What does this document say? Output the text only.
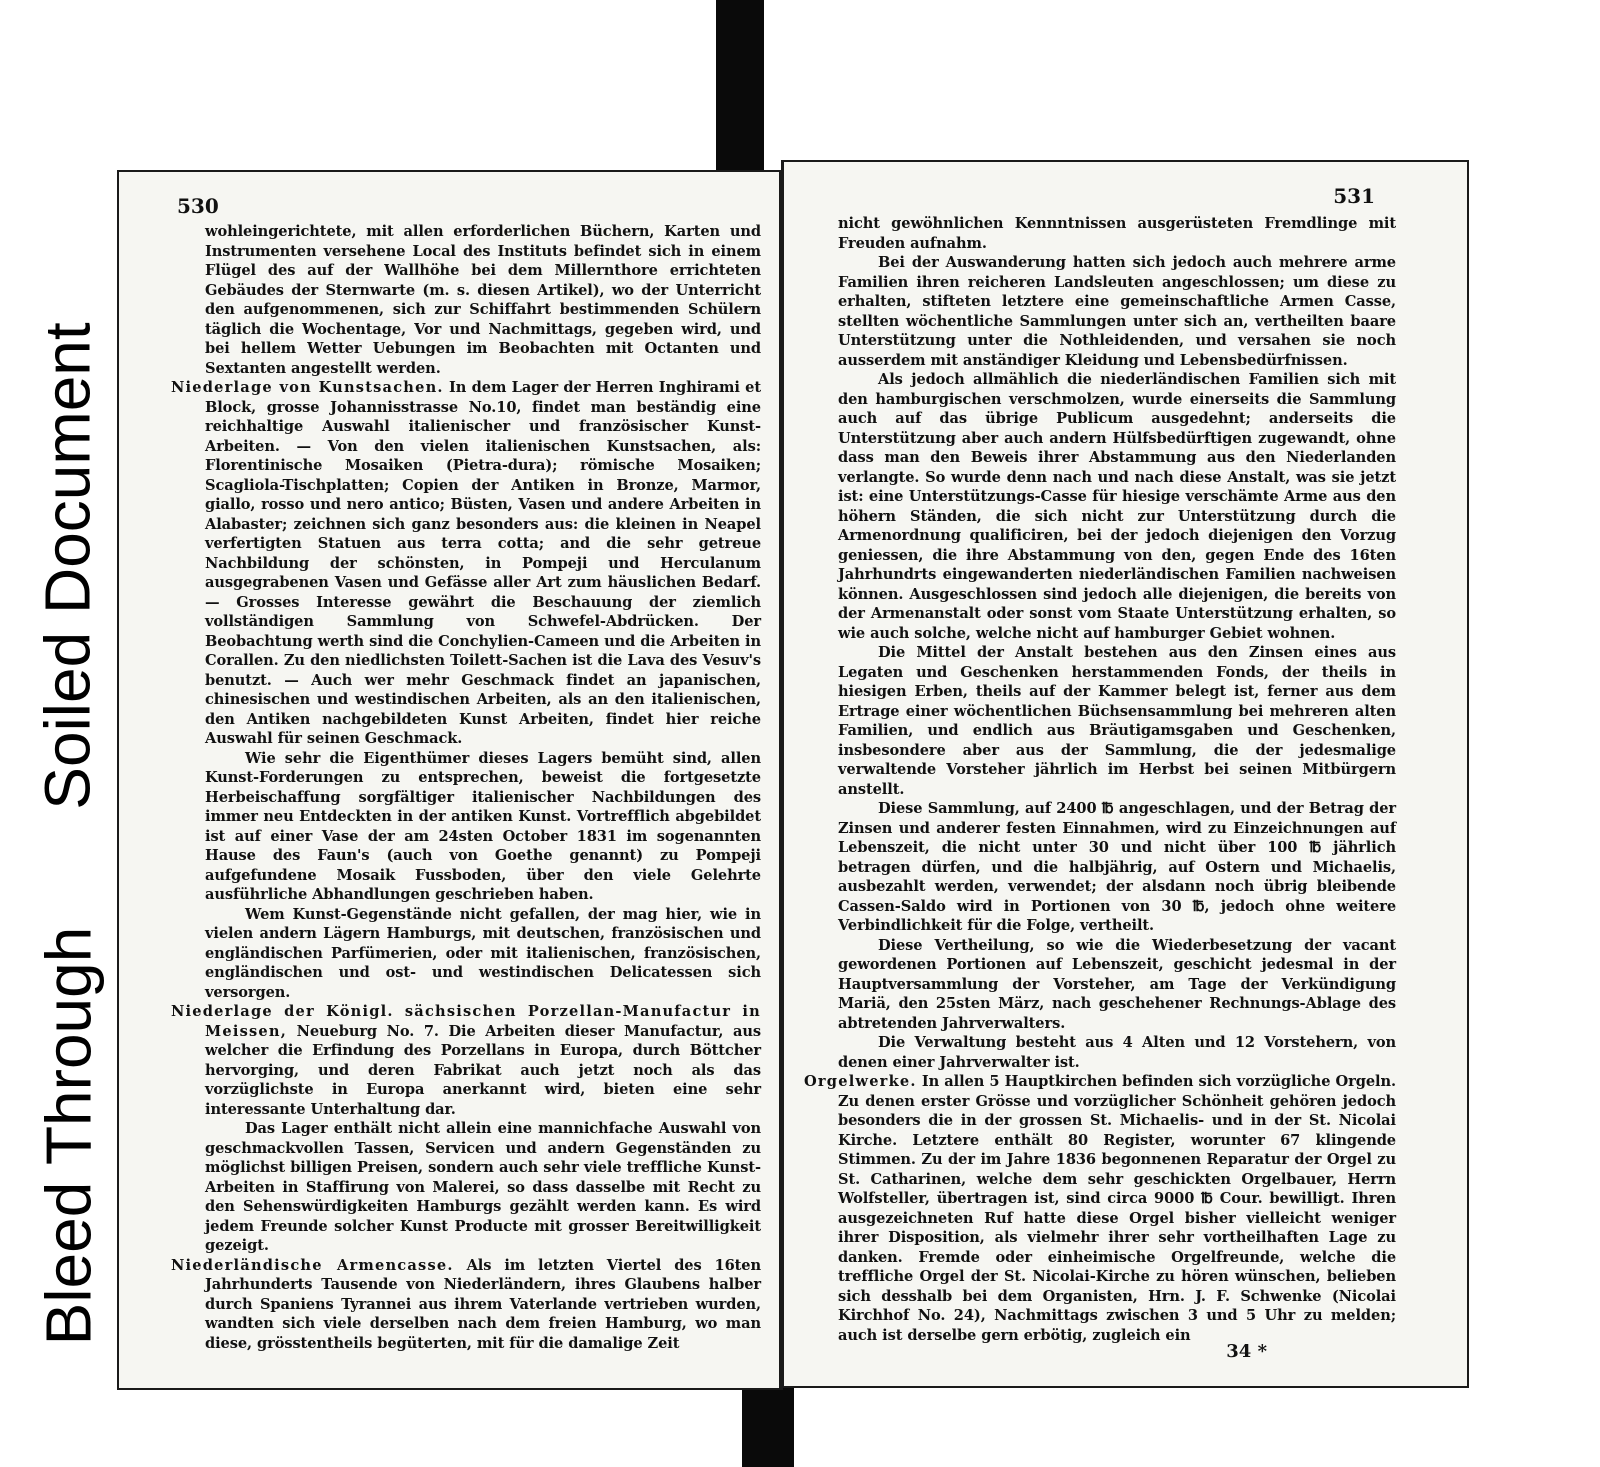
Soiled Document
Bleed Through
530

wohleingerichtete, mit allen erforderlichen Büchern, Karten und Instrumenten versehene Local des Instituts befindet sich in einem Flügel des auf der Wallhöhe bei dem Millernthore errichteten Gebäudes der Sternwarte (m. s. diesen Artikel), wo der Unterricht den aufgenommenen, sich zur Schiffahrt bestimmenden Schülern täglich die Wochentage, Vor und Nachmittags, gegeben wird, und bei hellem Wetter Uebungen im Beobachten mit Octanten und Sextanten angestellt werden.

Niederlage von Kunstsachen. In dem Lager der Herren Inghirami et Block, grosse Johannisstrasse No.10, findet man beständig eine reichhaltige Auswahl italienischer und französischer Kunst-Arbeiten. — Von den vielen italienischen Kunstsachen, als: Florentinische Mosaiken (Pietra-dura); römische Mosaiken; Scagliola-Tischplatten; Copien der Antiken in Bronze, Marmor, giallo, rosso und nero antico; Büsten, Vasen und andere Arbeiten in Alabaster; zeichnen sich ganz besonders aus: die kleinen in Neapel verfertigten Statuen aus terra cotta; and die sehr getreue Nachbildung der schönsten, in Pompeji und Herculanum ausgegrabenen Vasen und Gefässe aller Art zum häuslichen Bedarf. — Grosses Interesse gewährt die Beschauung der ziemlich vollständigen Sammlung von Schwefel-Abdrücken. Der Beobachtung werth sind die Conchylien-Cameen und die Arbeiten in Corallen. Zu den niedlichsten Toilett-Sachen ist die Lava des Vesuv's benutzt. — Auch wer mehr Geschmack findet an japanischen, chinesischen und westindischen Arbeiten, als an den italienischen, den Antiken nachgebildeten Kunst Arbeiten, findet hier reiche Auswahl für seinen Geschmack.

Wie sehr die Eigenthümer dieses Lagers bemüht sind, allen Kunst-Forderungen zu entsprechen, beweist die fortgesetzte Herbeischaffung sorgfältiger italienischer Nachbildungen des immer neu Entdeckten in der antiken Kunst. Vortrefflich abgebildet ist auf einer Vase der am 24sten October 1831 im sogenannten Hause des Faun's (auch von Goethe genannt) zu Pompeji aufgefundene Mosaik Fussboden, über den viele Gelehrte ausführliche Abhandlungen geschrieben haben.

Wem Kunst-Gegenstände nicht gefallen, der mag hier, wie in vielen andern Lägern Hamburgs, mit deutschen, französischen und engländischen Parfümerien, oder mit italienischen, französischen, engländischen und ost- und westindischen Delicatessen sich versorgen.

Niederlage der Königl. sächsischen Porzellan-Manufactur in Meissen, Neueburg No. 7. Die Arbeiten dieser Manufactur, aus welcher die Erfindung des Porzellans in Europa, durch Böttcher hervorging, und deren Fabrikat auch jetzt noch als das vorzüglichste in Europa anerkannt wird, bieten eine sehr interessante Unterhaltung dar.

Das Lager enthält nicht allein eine mannichfache Auswahl von geschmackvollen Tassen, Servicen und andern Gegenständen zu möglichst billigen Preisen, sondern auch sehr viele treffliche Kunst-Arbeiten in Staffirung von Malerei, so dass dasselbe mit Recht zu den Sehenswürdigkeiten Hamburgs gezählt werden kann. Es wird jedem Freunde solcher Kunst Producte mit grosser Bereitwilligkeit gezeigt.

Niederländische Armencasse. Als im letzten Viertel des 16ten Jahrhunderts Tausende von Niederländern, ihres Glaubens halber durch Spaniens Tyrannei aus ihrem Vaterlande vertrieben wurden, wandten sich viele derselben nach dem freien Hamburg, wo man diese, grösstentheils begüterten, mit für die damalige Zeit

531

nicht gewöhnlichen Kennntnissen ausgerüsteten Fremdlinge mit Freuden aufnahm.

Bei der Auswanderung hatten sich jedoch auch mehrere arme Familien ihren reicheren Landsleuten angeschlossen; um diese zu erhalten, stifteten letztere eine gemeinschaftliche Armen Casse, stellten wöchentliche Sammlungen unter sich an, vertheilten baare Unterstützung unter die Nothleidenden, und versahen sie noch ausserdem mit anständiger Kleidung und Lebensbedürfnissen.

Als jedoch allmählich die niederländischen Familien sich mit den hamburgischen verschmolzen, wurde einerseits die Sammlung auch auf das übrige Publicum ausgedehnt; anderseits die Unterstützung aber auch andern Hülfsbedürftigen zugewandt, ohne dass man den Beweis ihrer Abstammung aus den Niederlanden verlangte. So wurde denn nach und nach diese Anstalt, was sie jetzt ist: eine Unterstützungs-Casse für hiesige verschämte Arme aus den höhern Ständen, die sich nicht zur Unterstützung durch die Armenordnung qualificiren, bei der jedoch diejenigen den Vorzug geniessen, die ihre Abstammung von den, gegen Ende des 16ten Jahrhundrts eingewanderten niederländischen Familien nachweisen können. Ausgeschlossen sind jedoch alle diejenigen, die bereits von der Armenanstalt oder sonst vom Staate Unterstützung erhalten, so wie auch solche, welche nicht auf hamburger Gebiet wohnen.

Die Mittel der Anstalt bestehen aus den Zinsen eines aus Legaten und Geschenken herstammenden Fonds, der theils in hiesigen Erben, theils auf der Kammer belegt ist, ferner aus dem Ertrage einer wöchentlichen Büchsensammlung bei mehreren alten Familien, und endlich aus Bräutigamsgaben und Geschenken, insbesondere aber aus der Sammlung, die der jedesmalige verwaltende Vorsteher jährlich im Herbst bei seinen Mitbürgern anstellt.

Diese Sammlung, auf 2400 ℔ angeschlagen, und der Betrag der Zinsen und anderer festen Einnahmen, wird zu Einzeichnungen auf Lebenszeit, die nicht unter 30 und nicht über 100 ℔ jährlich betragen dürfen, und die halbjährig, auf Ostern und Michaelis, ausbezahlt werden, verwendet; der alsdann noch übrig bleibende Cassen-Saldo wird in Portionen von 30 ℔, jedoch ohne weitere Verbindlichkeit für die Folge, vertheilt.

Diese Vertheilung, so wie die Wiederbesetzung der vacant gewordenen Portionen auf Lebenszeit, geschicht jedesmal in der Hauptversammlung der Vorsteher, am Tage der Verkündigung Mariä, den 25sten März, nach geschehener Rechnungs-Ablage des abtretenden Jahrverwalters.

Die Verwaltung besteht aus 4 Alten und 12 Vorstehern, von denen einer Jahrverwalter ist.

Orgelwerke. In allen 5 Hauptkirchen befinden sich vorzügliche Orgeln. Zu denen erster Grösse und vorzüglicher Schönheit gehören jedoch besonders die in der grossen St. Michaelis- und in der St. Nicolai Kirche. Letztere enthält 80 Register, worunter 67 klingende Stimmen. Zu der im Jahre 1836 begonnenen Reparatur der Orgel zu St. Catharinen, welche dem sehr geschickten Orgelbauer, Herrn Wolfsteller, übertragen ist, sind circa 9000 ℔ Cour. bewilligt. Ihren ausgezeichneten Ruf hatte diese Orgel bisher vielleicht weniger ihrer Disposition, als vielmehr ihrer sehr vortheilhaften Lage zu danken. Fremde oder einheimische Orgelfreunde, welche die treffliche Orgel der St. Nicolai-Kirche zu hören wünschen, belieben sich desshalb bei dem Organisten, Hrn. J. F. Schwenke (Nicolai Kirchhof No. 24), Nachmittags zwischen 3 und 5 Uhr zu melden; auch ist derselbe gern erbötig, zugleich ein

34 *
